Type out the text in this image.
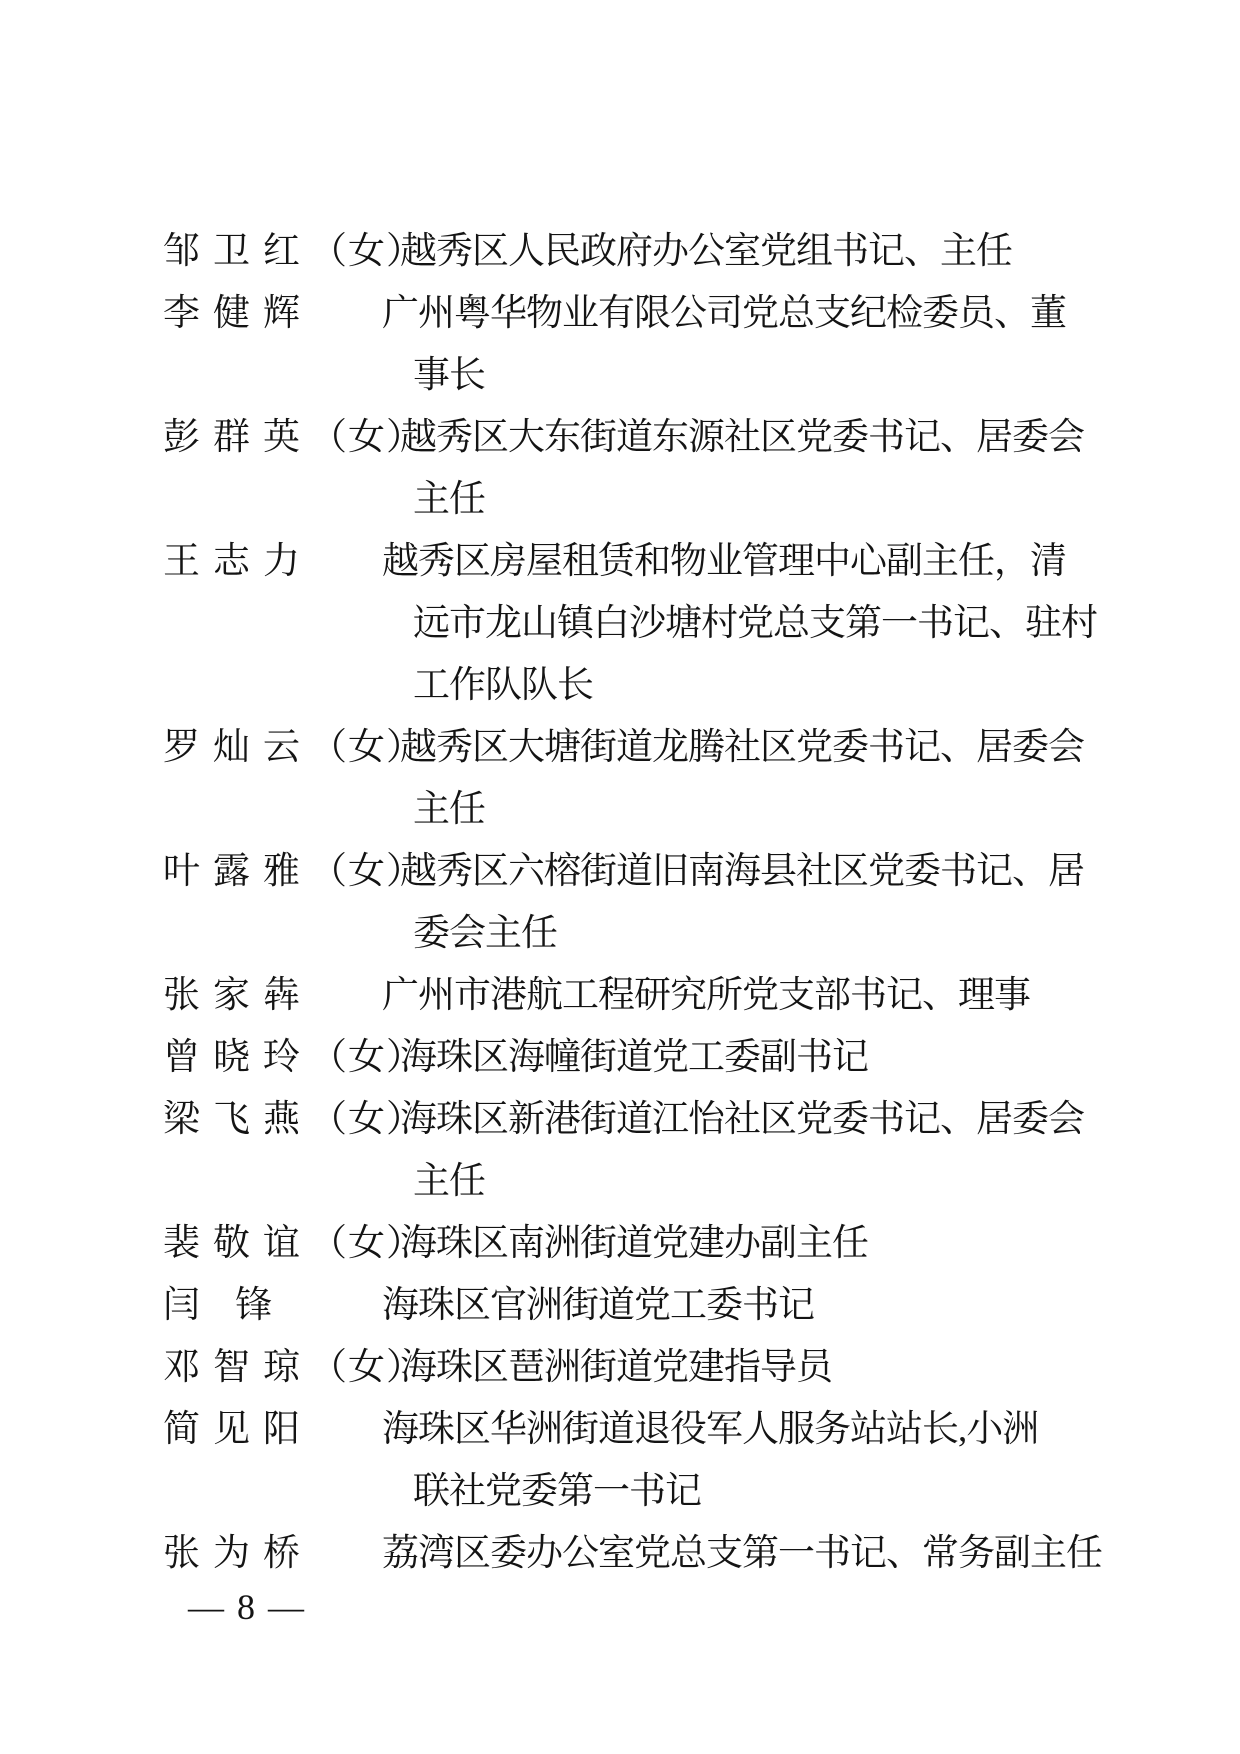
邹卫红
（女）
越秀区人民政府办公室党组书记、主任
李健辉 广州粤华物业有限公司党总支纪检委员、董
事长
彭群英
（女）
越秀区大东街道东源社区党委书记、居委会
主任
王志力 越秀区房屋租赁和物业管理中心副主任，清
远市龙山镇白沙塘村党总支第一书记、驻村
工作队队长
罗灿云
（女）
越秀区大塘街道龙腾社区党委书记、居委会
主任
叶露雅
（女）
越秀区六榕街道旧南海县社区党委书记、居
委会主任
张家犇 广州市港航工程研究所党支部书记、理事
曾晓玲
（女）
海珠区海幢街道党工委副书记
梁飞燕
（女）
海珠区新港街道江怡社区党委书记、居委会
主任
裴敬谊
（女）
海珠区南洲街道党建办副主任
闫 锋	海珠区官洲街道党工委书记
邓智琼
（女）
海珠区琶洲街道党建指导员
简见阳 海珠区华洲街道退役军人服务站站长,小洲
联社党委第一书记
张为桥 荔湾区委办公室党总支第一书记、常务副主任
— 8 —
